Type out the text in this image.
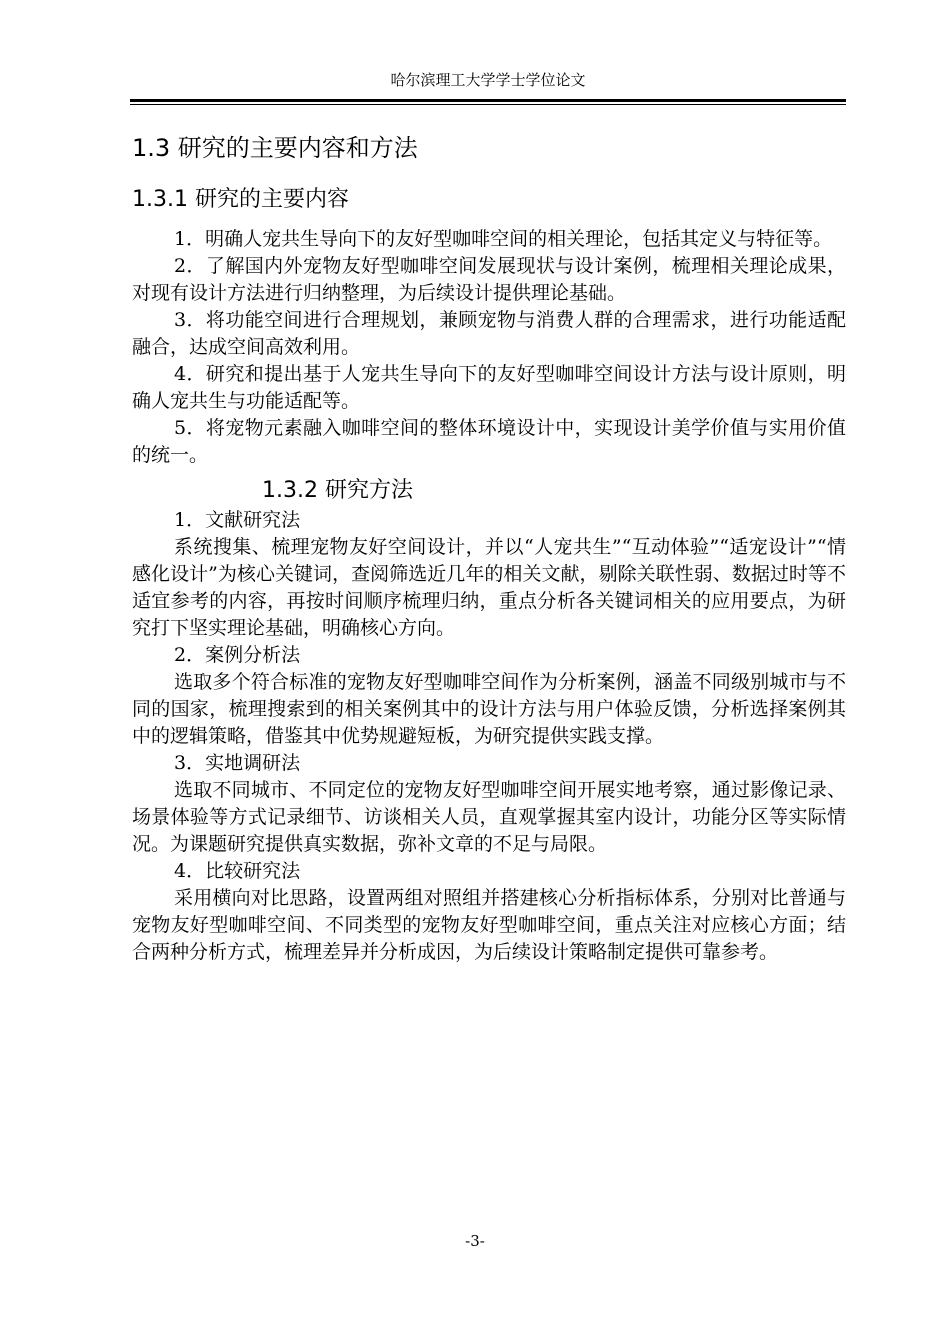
哈尔滨理工大学学士学位论文
1.3 研究的主要内容和方法
1.3.1 研究的主要内容

1．明确人宠共生导向下的友好型咖啡空间的相关理论，包括其定义与特征等。

2．了解国内外宠物友好型咖啡空间发展现状与设计案例，梳理相关理论成果，对现有设计方法进行归纳整理，为后续设计提供理论基础。

3．将功能空间进行合理规划，兼顾宠物与消费人群的合理需求，进行功能适配融合，达成空间高效利用。

4．研究和提出基于人宠共生导向下的友好型咖啡空间设计方法与设计原则，明确人宠共生与功能适配等。

5．将宠物元素融入咖啡空间的整体环境设计中，实现设计美学价值与实用价值的统一。

1.3.2 研究方法

1．文献研究法

系统搜集、梳理宠物友好空间设计，并以“人宠共生”“互动体验”“适宠设计”“情感化设计”为核心关键词，查阅筛选近几年的相关文献，剔除关联性弱、数据过时等不适宜参考的内容，再按时间顺序梳理归纳，重点分析各关键词相关的应用要点，为研究打下坚实理论基础，明确核心方向。

2．案例分析法

选取多个符合标准的宠物友好型咖啡空间作为分析案例，涵盖不同级别城市与不同的国家，梳理搜索到的相关案例其中的设计方法与用户体验反馈，分析选择案例其中的逻辑策略，借鉴其中优势规避短板，为研究提供实践支撑。

3．实地调研法

选取不同城市、不同定位的宠物友好型咖啡空间开展实地考察，通过影像记录、场景体验等方式记录细节、访谈相关人员，直观掌握其室内设计，功能分区等实际情况。为课题研究提供真实数据，弥补文章的不足与局限。

4．比较研究法

采用横向对比思路，设置两组对照组并搭建核心分析指标体系，分别对比普通与宠物友好型咖啡空间、不同类型的宠物友好型咖啡空间，重点关注对应核心方面；结合两种分析方式，梳理差异并分析成因，为后续设计策略制定提供可靠参考。

-3-
